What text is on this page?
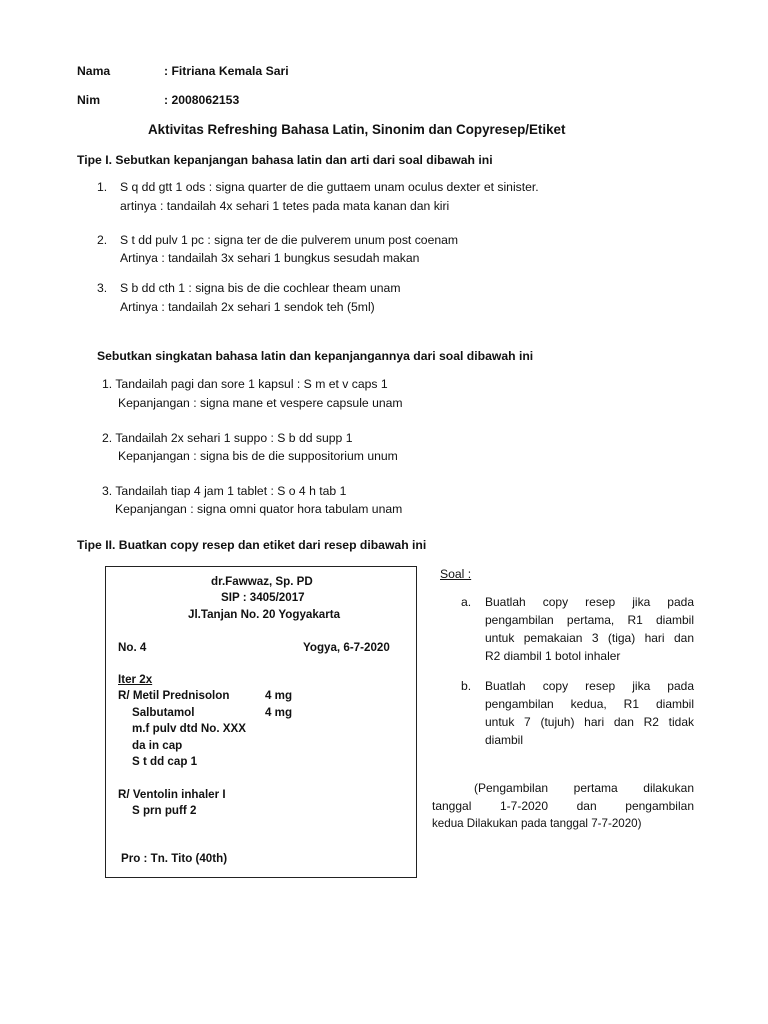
Nama	: Fitriana Kemala Sari
Nim	: 2008062153
Aktivitas Refreshing Bahasa Latin, Sinonim dan Copyresep/Etiket
Tipe I. Sebutkan kepanjangan bahasa latin dan arti dari soal dibawah ini
1. S q dd gtt 1 ods : signa quarter de die guttaem unam oculus dexter et sinister.
artinya : tandailah 4x sehari 1 tetes pada mata kanan dan kiri
2. S t dd pulv 1 pc : signa ter de die pulverem unum post coenam
Artinya : tandailah 3x sehari 1 bungkus sesudah makan
3. S b dd cth 1 : signa bis de die cochlear theam unam
Artinya : tandailah 2x sehari 1 sendok teh (5ml)
Sebutkan singkatan bahasa latin dan kepanjangannya dari soal dibawah ini
1. Tandailah pagi dan sore 1 kapsul : S m et v caps 1
Kepanjangan : signa mane et vespere capsule unam
2. Tandailah 2x sehari 1 suppo : S b dd supp 1
Kepanjangan : signa bis de die suppositorium unum
3. Tandailah tiap 4 jam 1 tablet : S o 4 h tab 1
Kepanjangan : signa omni quator hora tabulam unam
Tipe II. Buatkan copy resep dan etiket dari resep dibawah ini
dr.Fawwaz, Sp. PD
SIP : 3405/2017
Jl.Tanjan No. 20 Yogyakarta
No. 4	Yogya, 6-7-2020
Iter 2x
R/ Metil Prednisolon	4 mg
Salbutamol	4 mg
m.f pulv dtd No. XXX
da in cap
S t dd cap 1
R/ Ventolin inhaler I
S prn puff 2
Pro : Tn. Tito (40th)
Soal :
a. Buatlah copy resep jika pada
pengambilan pertama, R1 diambil
untuk pemakaian 3 (tiga) hari dan
R2 diambil 1 botol inhaler
b. Buatlah copy resep jika pada
pengambilan kedua, R1 diambil
untuk 7 (tujuh) hari dan R2 tidak
diambil
(Pengambilan pertama dilakukan
tanggal 1-7-2020 dan pengambilan
kedua Dilakukan pada tanggal 7-7-2020)
